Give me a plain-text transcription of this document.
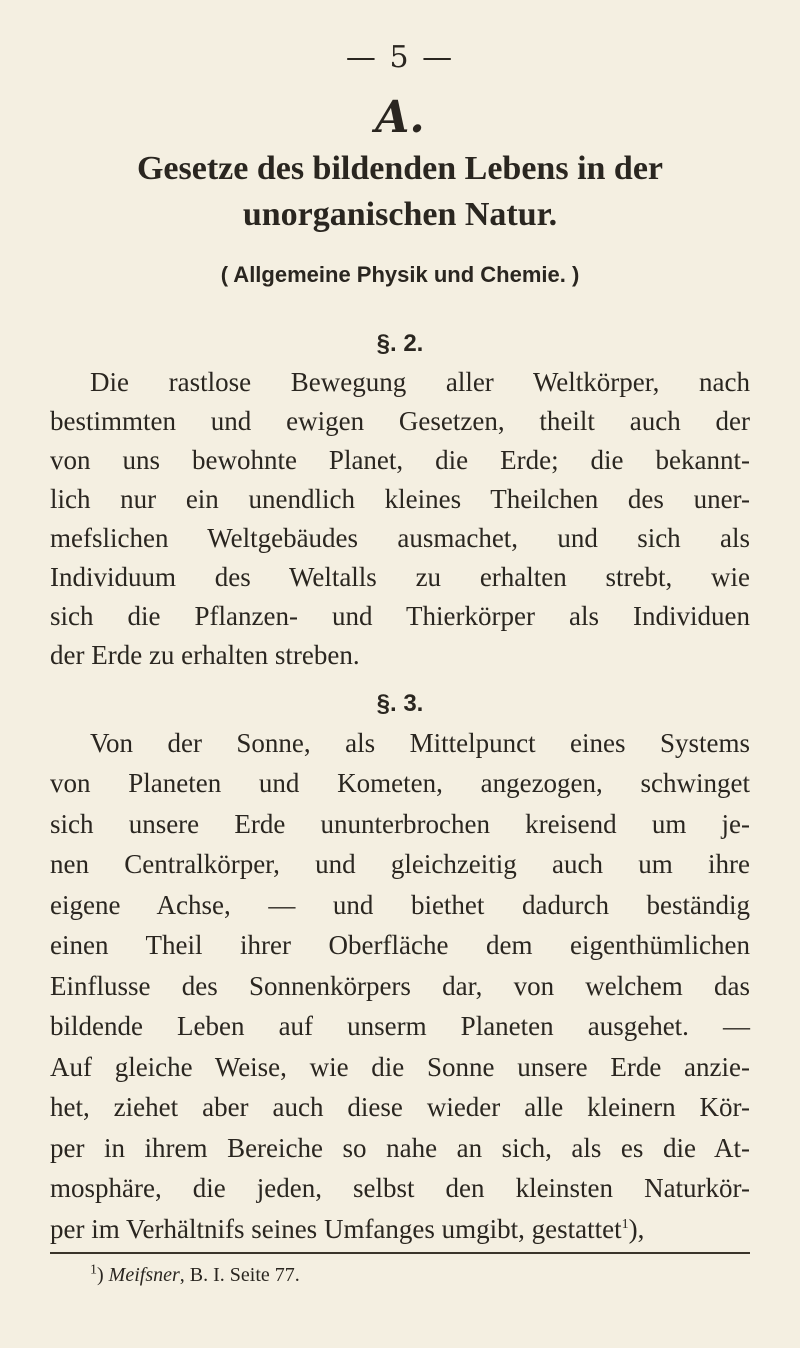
— 5 —
A.
Gesetze des bildenden Lebens in der
unorganischen Natur.
( Allgemeine Physik und Chemie. )
§. 2.
Die rastlose Bewegung aller Weltkörper, nach
bestimmten und ewigen Gesetzen, theilt auch der
von uns bewohnte Planet, die Erde; die bekannt-
lich nur ein unendlich kleines Theilchen des uner-
mefslichen Weltgebäudes ausmachet, und sich als
Individuum des Weltalls zu erhalten strebt, wie
sich die Pflanzen- und Thierkörper als Individuen
der Erde zu erhalten streben.
§. 3.
Von der Sonne, als Mittelpunct eines Systems
von Planeten und Kometen, angezogen, schwinget
sich unsere Erde ununterbrochen kreisend um je-
nen Centralkörper, und gleichzeitig auch um ihre
eigene Achse, — und biethet dadurch beständig
einen Theil ihrer Oberfläche dem eigenthümlichen
Einflusse des Sonnenkörpers dar, von welchem das
bildende Leben auf unserm Planeten ausgehet. —
Auf gleiche Weise, wie die Sonne unsere Erde anzie-
het, ziehet aber auch diese wieder alle kleinern Kör-
per in ihrem Bereiche so nahe an sich, als es die At-
mosphäre, die jeden, selbst den kleinsten Naturkör-
per im Verhältnifs seines Umfanges umgibt, gestattet$^1$),
$^1$) Meifsner, B. I. Seite 77.
